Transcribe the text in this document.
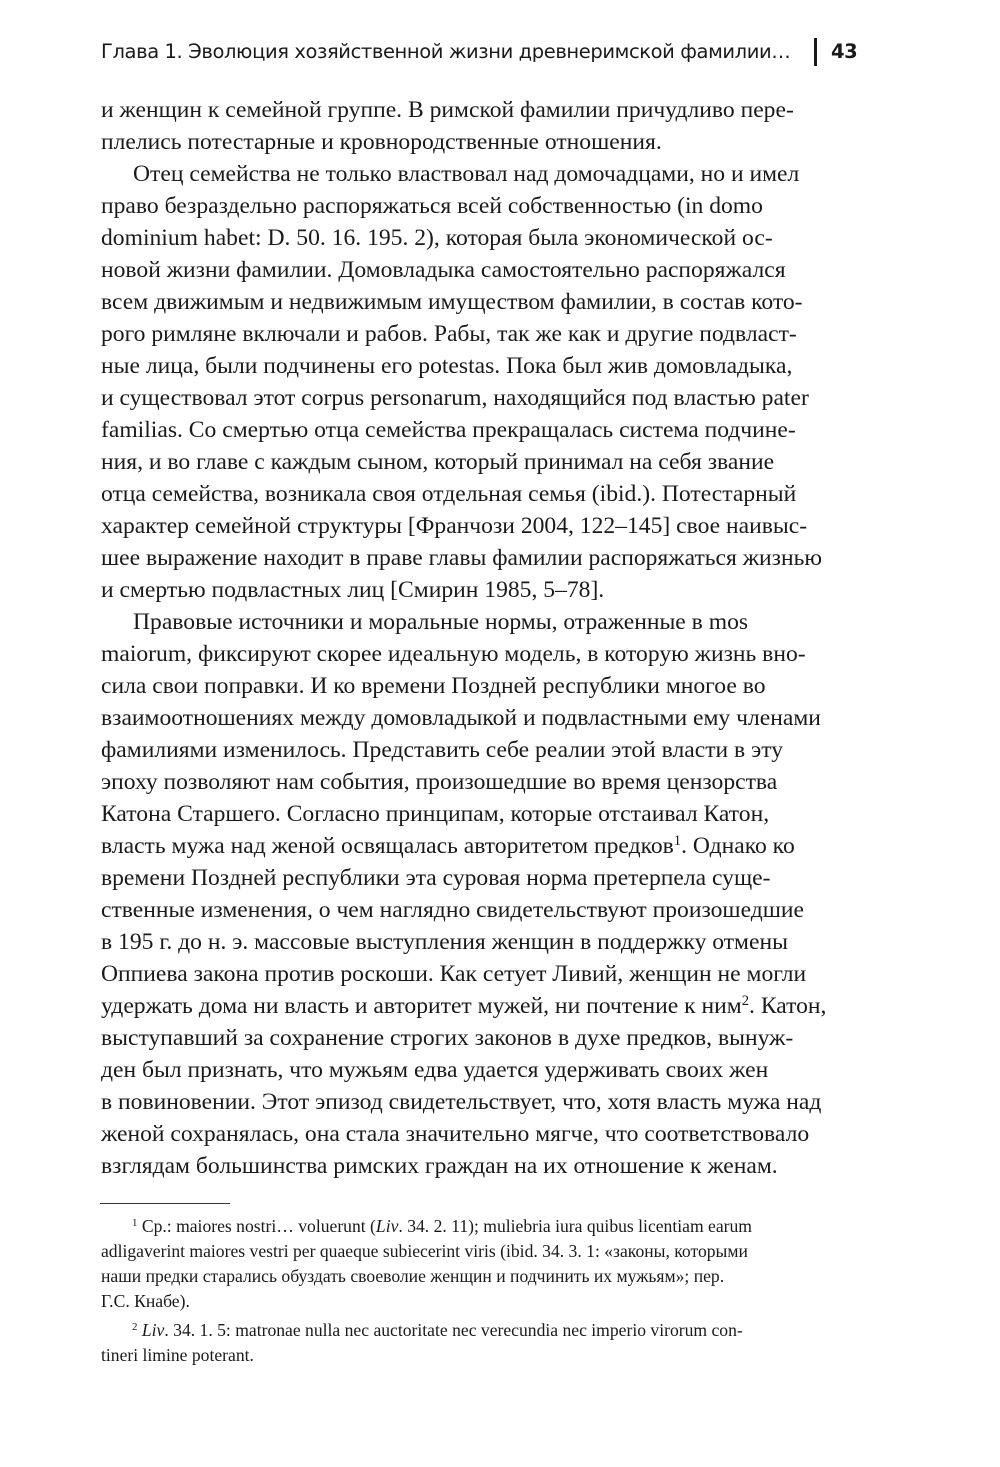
Глава 1. Эволюция хозяйственной жизни древнеримской фамилии… 43
и женщин к семейной группе. В римской фамилии причудливо пере-
плелись потестарные и кровнородственные отношения.
Отец семейства не только властвовал над домочадцами, но и имел
право безраздельно распоряжаться всей собственностью (in domo
dominium habet: D. 50. 16. 195. 2), которая была экономической ос-
новой жизни фамилии. Домовладыка самостоятельно распоряжался
всем движимым и недвижимым имуществом фамилии, в состав кото-
рого римляне включали и рабов. Рабы, так же как и другие подвласт-
ные лица, были подчинены его potestas. Пока был жив домовладыка,
и существовал этот corpus personarum, находящийся под властью pater
familias. Со смертью отца семейства прекращалась система подчине-
ния, и во главе с каждым сыном, который принимал на себя звание
отца семейства, возникала своя отдельная семья (ibid.). Потестарный
характер семейной структуры [Франчози 2004, 122–145] свое наивыс-
шее выражение находит в праве главы фамилии распоряжаться жизнью
и смертью подвластных лиц [Смирин 1985, 5–78].
Правовые источники и моральные нормы, отраженные в mos
maiorum, фиксируют скорее идеальную модель, в которую жизнь вно-
сила свои поправки. И ко времени Поздней республики многое во
взаимоотношениях между домовладыкой и подвластными ему членами
фамилиями изменилось. Представить себе реалии этой власти в эту
эпоху позволяют нам события, произошедшие во время цензорства
Катона Старшего. Согласно принципам, которые отстаивал Катон,
власть мужа над женой освящалась авторитетом предков$^1$. Однако ко
времени Поздней республики эта суровая норма претерпела суще-
ственные изменения, о чем наглядно свидетельствуют произошедшие
в 195 г. до н. э. массовые выступления женщин в поддержку отмены
Оппиева закона против роскоши. Как сетует Ливий, женщин не могли
удержать дома ни власть и авторитет мужей, ни почтение к ним$^2$. Катон,
выступавший за сохранение строгих законов в духе предков, вынуж-
ден был признать, что мужьям едва удается удерживать своих жен
в повиновении. Этот эпизод свидетельствует, что, хотя власть мужа над
женой сохранялась, она стала значительно мягче, что соответствовало
взглядам большинства римских граждан на их отношение к женам.
$^1$ Ср.: maiores nostri… voluerunt (Liv. 34. 2. 11); muliebria iura quibus licentiam earum
adligaverint maiores vestri per quaeque subiecerint viris (ibid. 34. 3. 1: «законы, которыми
наши предки старались обуздать своеволие женщин и подчинить их мужьям»; пер.
Г.С. Кнабе).
$^2$ Liv. 34. 1. 5: matronae nulla nec auctoritate nec verecundia nec imperio virorum con-
tineri limine poterant.
